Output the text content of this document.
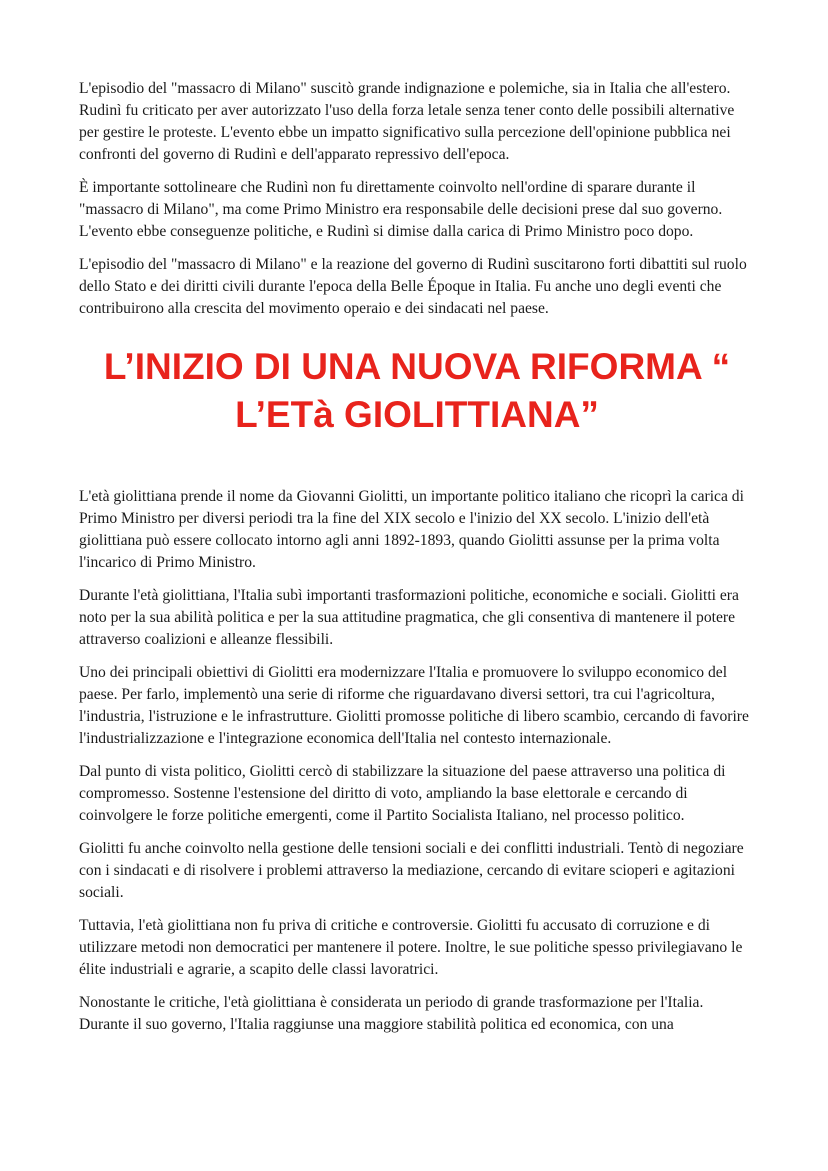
L'episodio del "massacro di Milano" suscitò grande indignazione e polemiche, sia in Italia che all'estero. Rudinì fu criticato per aver autorizzato l'uso della forza letale senza tener conto delle possibili alternative per gestire le proteste. L'evento ebbe un impatto significativo sulla percezione dell'opinione pubblica nei confronti del governo di Rudinì e dell'apparato repressivo dell'epoca.

È importante sottolineare che Rudinì non fu direttamente coinvolto nell'ordine di sparare durante il "massacro di Milano", ma come Primo Ministro era responsabile delle decisioni prese dal suo governo. L'evento ebbe conseguenze politiche, e Rudinì si dimise dalla carica di Primo Ministro poco dopo.

L'episodio del "massacro di Milano" e la reazione del governo di Rudinì suscitarono forti dibattiti sul ruolo dello Stato e dei diritti civili durante l'epoca della Belle Époque in Italia. Fu anche uno degli eventi che contribuirono alla crescita del movimento operaio e dei sindacati nel paese.

L’INIZIO DI UNA NUOVA RIFORMA “
L’ETà GIOLITTIANA”

L'età giolittiana prende il nome da Giovanni Giolitti, un importante politico italiano che ricoprì la carica di Primo Ministro per diversi periodi tra la fine del XIX secolo e l'inizio del XX secolo. L'inizio dell'età giolittiana può essere collocato intorno agli anni 1892-1893, quando Giolitti assunse per la prima volta l'incarico di Primo Ministro.

Durante l'età giolittiana, l'Italia subì importanti trasformazioni politiche, economiche e sociali. Giolitti era noto per la sua abilità politica e per la sua attitudine pragmatica, che gli consentiva di mantenere il potere attraverso coalizioni e alleanze flessibili.

Uno dei principali obiettivi di Giolitti era modernizzare l'Italia e promuovere lo sviluppo economico del paese. Per farlo, implementò una serie di riforme che riguardavano diversi settori, tra cui l'agricoltura, l'industria, l'istruzione e le infrastrutture. Giolitti promosse politiche di libero scambio, cercando di favorire l'industrializzazione e l'integrazione economica dell'Italia nel contesto internazionale.

Dal punto di vista politico, Giolitti cercò di stabilizzare la situazione del paese attraverso una politica di compromesso. Sostenne l'estensione del diritto di voto, ampliando la base elettorale e cercando di coinvolgere le forze politiche emergenti, come il Partito Socialista Italiano, nel processo politico.

Giolitti fu anche coinvolto nella gestione delle tensioni sociali e dei conflitti industriali. Tentò di negoziare con i sindacati e di risolvere i problemi attraverso la mediazione, cercando di evitare scioperi e agitazioni sociali.

Tuttavia, l'età giolittiana non fu priva di critiche e controversie. Giolitti fu accusato di corruzione e di utilizzare metodi non democratici per mantenere il potere. Inoltre, le sue politiche spesso privilegiavano le élite industriali e agrarie, a scapito delle classi lavoratrici.

Nonostante le critiche, l'età giolittiana è considerata un periodo di grande trasformazione per l'Italia. Durante il suo governo, l'Italia raggiunse una maggiore stabilità politica ed economica, con una
